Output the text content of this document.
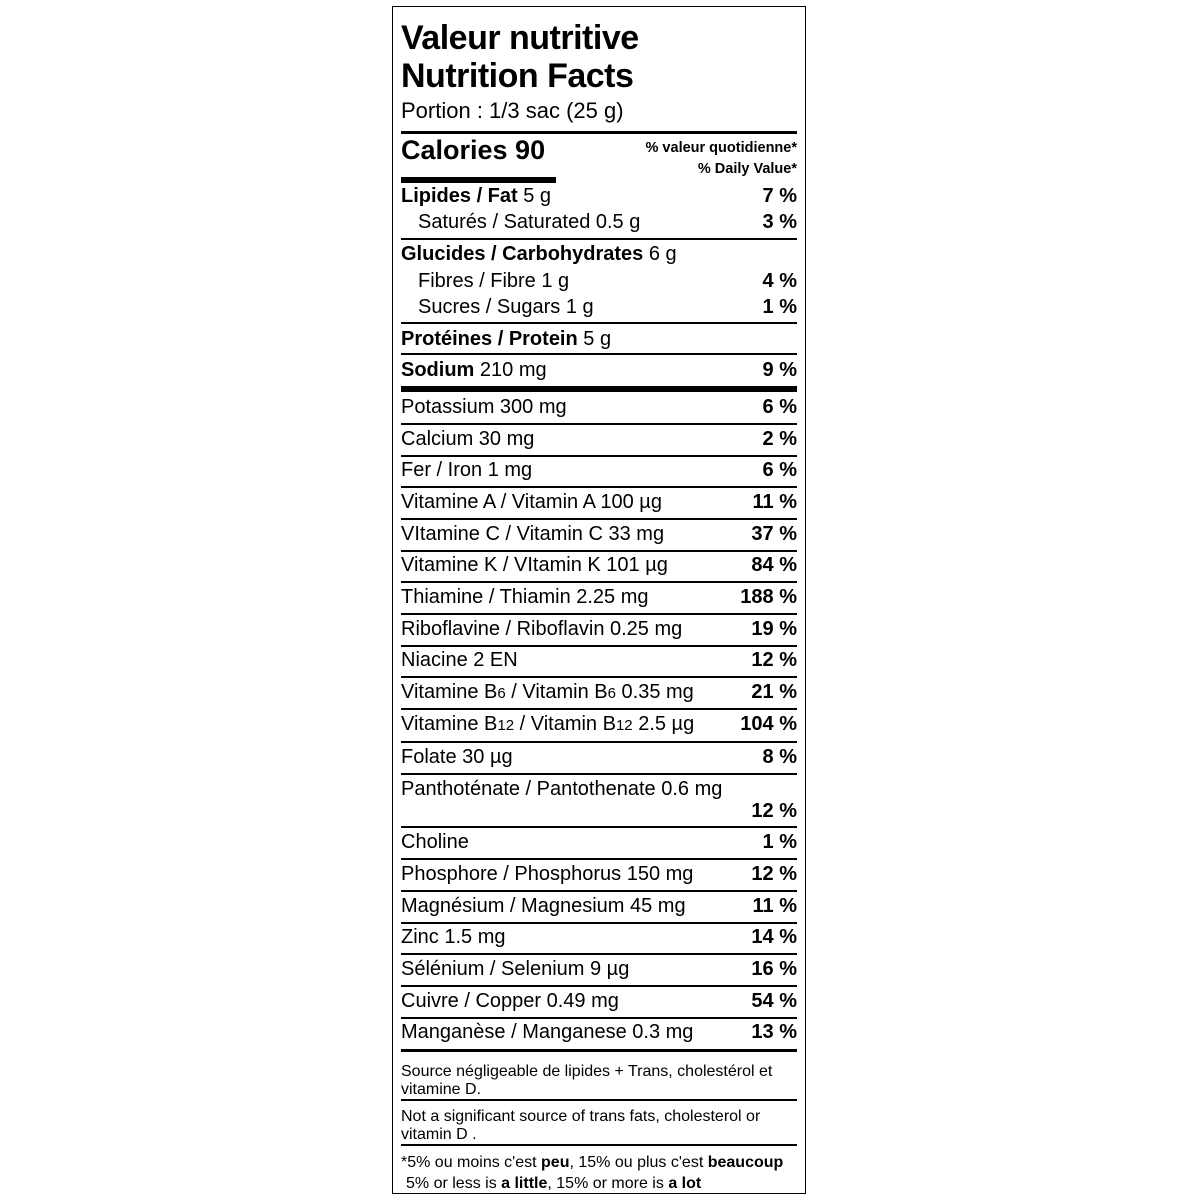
Valeur nutritive
Nutrition Facts
Portion : 1/3 sac (25 g)
Calories 90	% valeur quotidienne*
% Daily Value*
Lipides / Fat 5 g	7 %
Saturés / Saturated 0.5 g	3 %
Glucides / Carbohydrates 6 g
Fibres / Fibre 1 g	4 %
Sucres / Sugars 1 g	1 %
Protéines / Protein 5 g
Sodium 210 mg	9 %
Potassium 300 mg	6 %
Calcium 30 mg	2 %
Fer / Iron 1 mg	6 %
Vitamine A / Vitamin A 100 µg	11 %
VItamine C / Vitamin C 33 mg	37 %
Vitamine K / VItamin K 101 µg	84 %
Thiamine / Thiamin 2.25 mg	188 %
Riboflavine / Riboflavin 0.25 mg	19 %
Niacine 2 EN	12 %
Vitamine B6 / Vitamin B6 0.35 mg	21 %
Vitamine B12 / Vitamin B12 2.5 µg 104 %
Folate 30 µg	8 %
Panthoténate / Pantothenate 0.6 mg
12 %
Choline	1 %
Phosphore / Phosphorus 150 mg	12 %
Magnésium / Magnesium 45 mg	11 %
Zinc 1.5 mg	14 %
Sélénium / Selenium 9 µg	16 %
Cuivre / Copper 0.49 mg	54 %
Manganèse / Manganese 0.3 mg	13 %
Source négligeable de lipides + Trans, cholestérol et vitamine D.
Not a significant source of trans fats, cholesterol or vitamin D .
*5% ou moins c'est peu, 15% ou plus c'est beaucoup
5% or less is a little, 15% or more is a lot
